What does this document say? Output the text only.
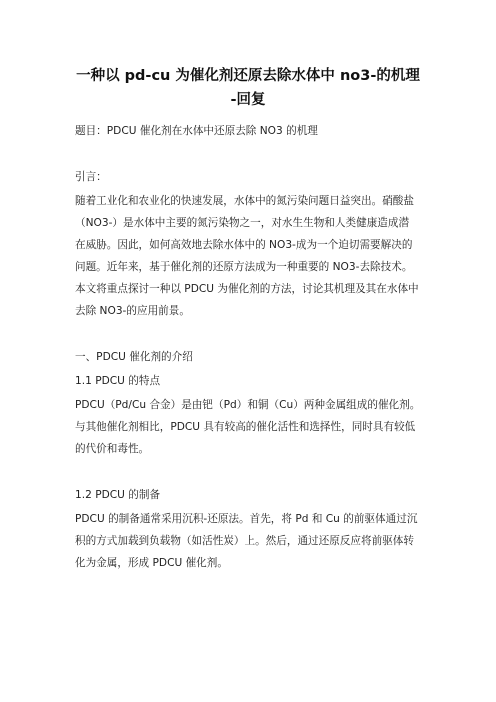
一种以 pd-cu 为催化剂还原去除水体中 no3-的机理
-回复
题目：PDCU 催化剂在水体中还原去除 NO3 的机理
引言：
随着工业化和农业化的快速发展，水体中的氮污染问题日益突出。硝酸盐
（NO3-）是水体中主要的氮污染物之一，对水生生物和人类健康造成潜
在威胁。因此，如何高效地去除水体中的 NO3-成为一个迫切需要解决的
问题。近年来，基于催化剂的还原方法成为一种重要的 NO3-去除技术。
本文将重点探讨一种以 PDCU 为催化剂的方法，讨论其机理及其在水体中
去除 NO3-的应用前景。
一、PDCU 催化剂的介绍
1.1 PDCU 的特点
PDCU（Pd/Cu 合金）是由钯（Pd）和铜（Cu）两种金属组成的催化剂。
与其他催化剂相比，PDCU 具有较高的催化活性和选择性，同时具有较低
的代价和毒性。
1.2 PDCU 的制备
PDCU 的制备通常采用沉积-还原法。首先，将 Pd 和 Cu 的前驱体通过沉
积的方式加载到负载物（如活性炭）上。然后，通过还原反应将前驱体转
化为金属，形成 PDCU 催化剂。
